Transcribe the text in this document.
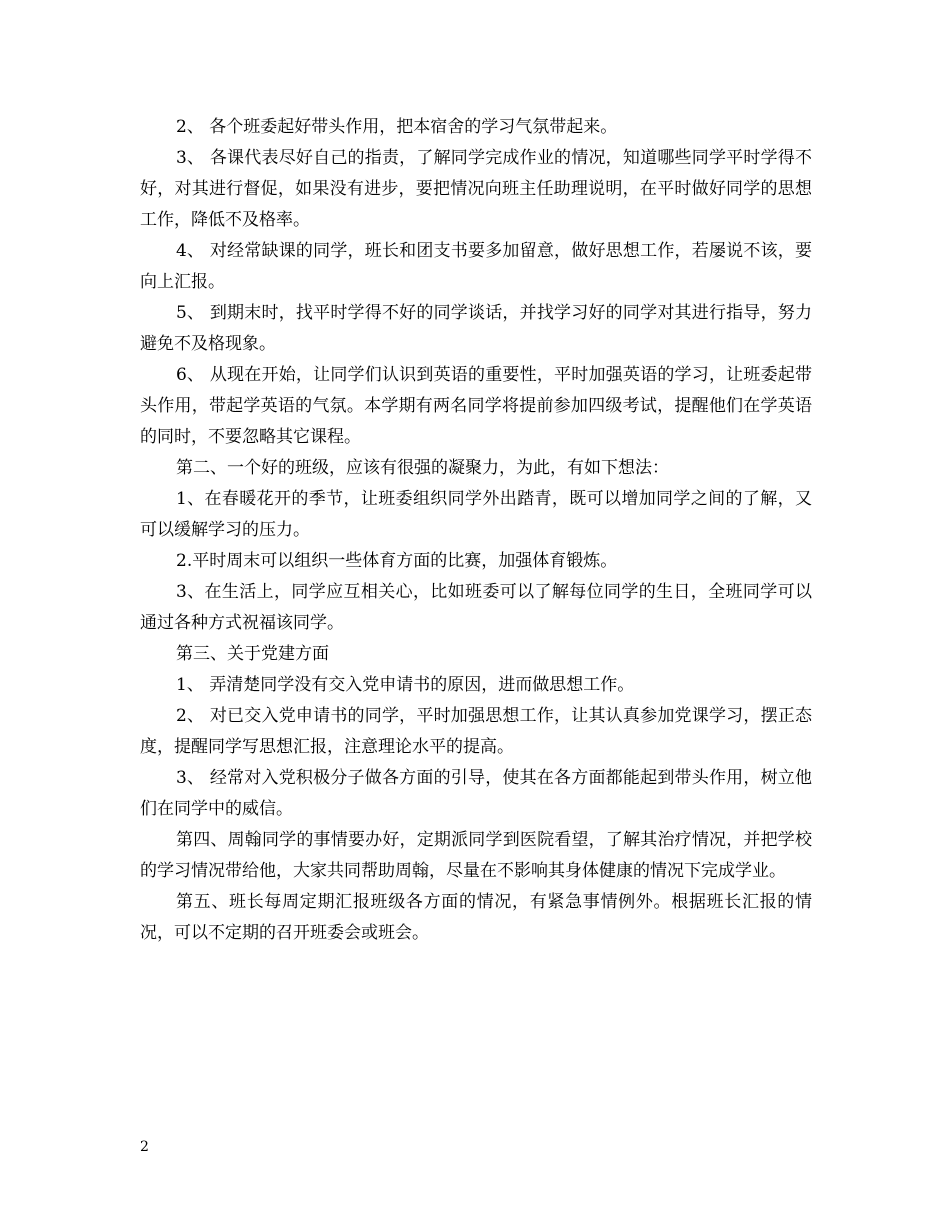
2、 各个班委起好带头作用，把本宿舍的学习气氛带起来。

3、 各课代表尽好自己的指责，了解同学完成作业的情况，知道哪些同学平时学得不好，对其进行督促，如果没有进步，要把情况向班主任助理说明，在平时做好同学的思想工作，降低不及格率。

4、 对经常缺课的同学，班长和团支书要多加留意，做好思想工作，若屡说不该，要向上汇报。

5、 到期末时，找平时学得不好的同学谈话，并找学习好的同学对其进行指导，努力避免不及格现象。

6、 从现在开始，让同学们认识到英语的重要性，平时加强英语的学习，让班委起带头作用，带起学英语的气氛。本学期有两名同学将提前参加四级考试，提醒他们在学英语的同时，不要忽略其它课程。

第二、一个好的班级，应该有很强的凝聚力，为此，有如下想法：

1、在春暖花开的季节，让班委组织同学外出踏青，既可以增加同学之间的了解，又可以缓解学习的压力。

2.平时周末可以组织一些体育方面的比赛，加强体育锻炼。

3、在生活上，同学应互相关心，比如班委可以了解每位同学的生日，全班同学可以通过各种方式祝福该同学。

第三、关于党建方面

1、 弄清楚同学没有交入党申请书的原因，进而做思想工作。

2、 对已交入党申请书的同学，平时加强思想工作，让其认真参加党课学习，摆正态度，提醒同学写思想汇报，注意理论水平的提高。

3、 经常对入党积极分子做各方面的引导，使其在各方面都能起到带头作用，树立他们在同学中的威信。

第四、周翰同学的事情要办好，定期派同学到医院看望，了解其治疗情况，并把学校的学习情况带给他，大家共同帮助周翰，尽量在不影响其身体健康的情况下完成学业。

第五、班长每周定期汇报班级各方面的情况，有紧急事情例外。根据班长汇报的情况，可以不定期的召开班委会或班会。

2
